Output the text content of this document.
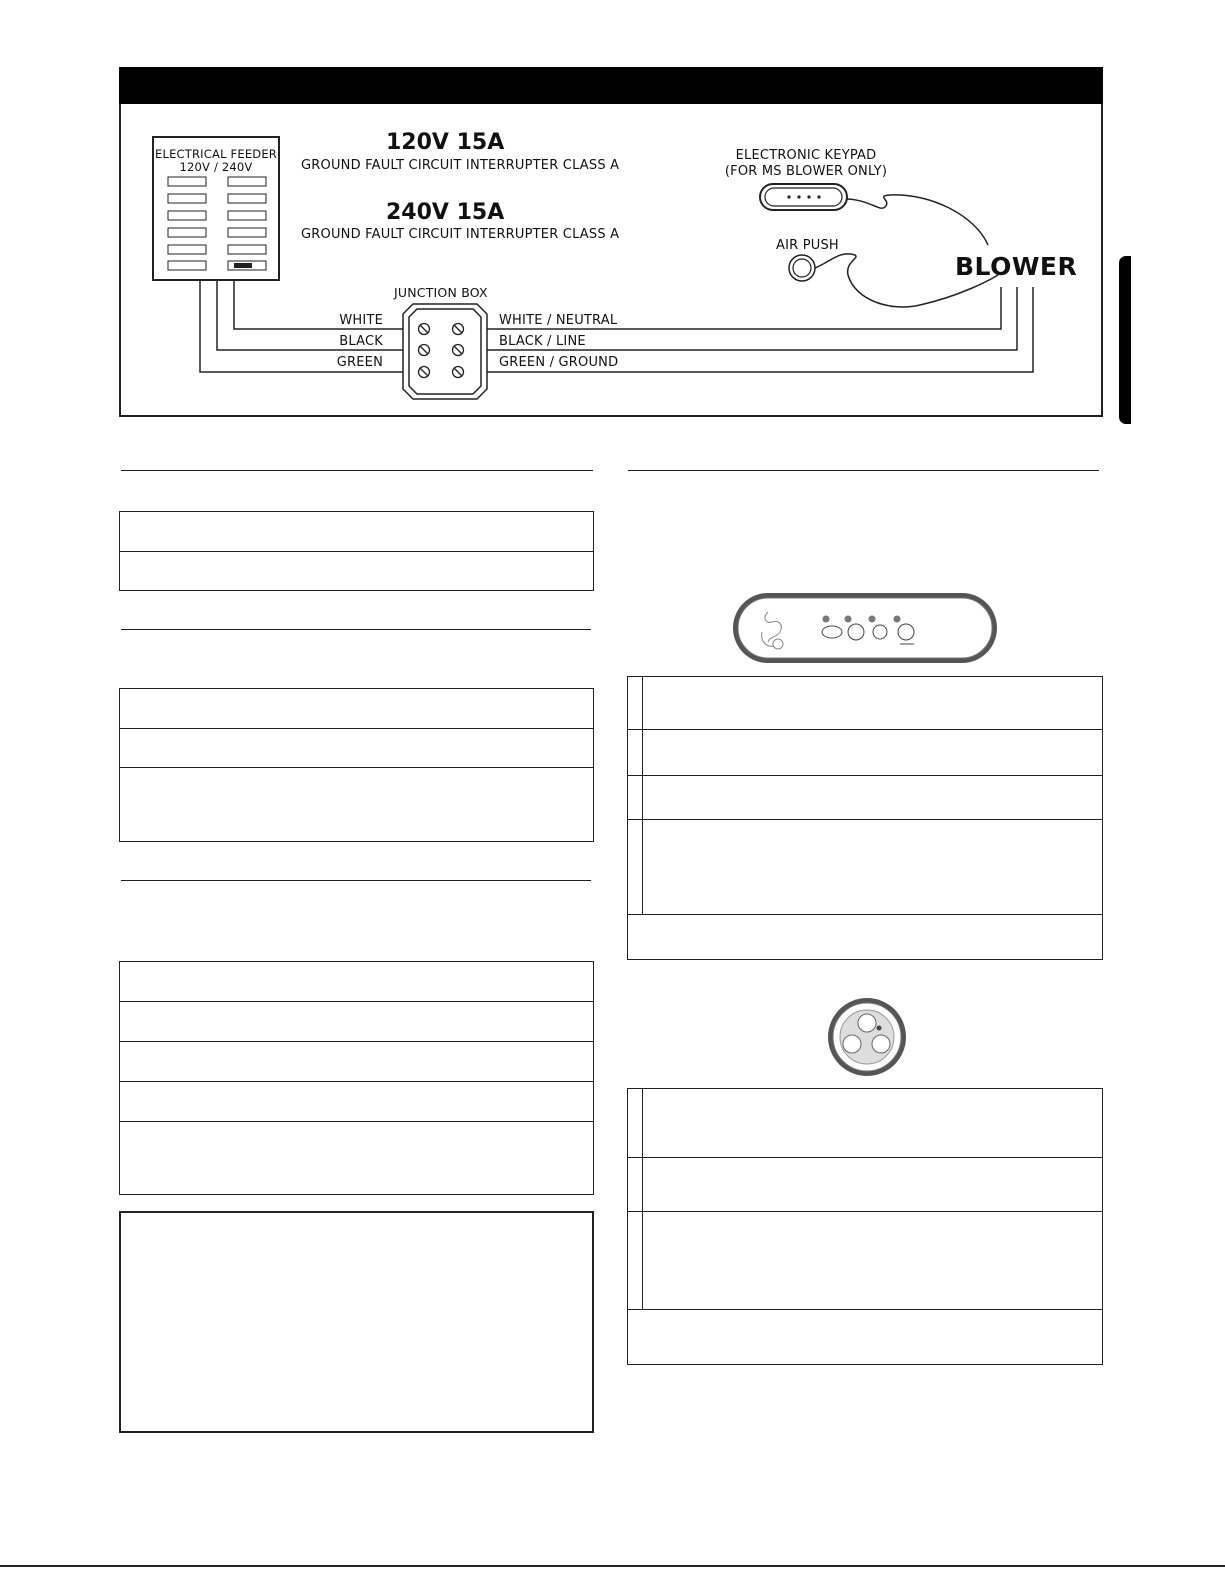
ELECTRICAL FEEDER
120V / 240V
120V 15A
GROUND FAULT CIRCUIT INTERRUPTER CLASS A
240V 15A
GROUND FAULT CIRCUIT INTERRUPTER CLASS A
ELECTRONIC KEYPAD
(FOR MS BLOWER ONLY)
AIR PUSH
BLOWER
JUNCTION BOX
WHITE
BLACK
GREEN
WHITE / NEUTRAL
BLACK / LINE
GREEN / GROUND
